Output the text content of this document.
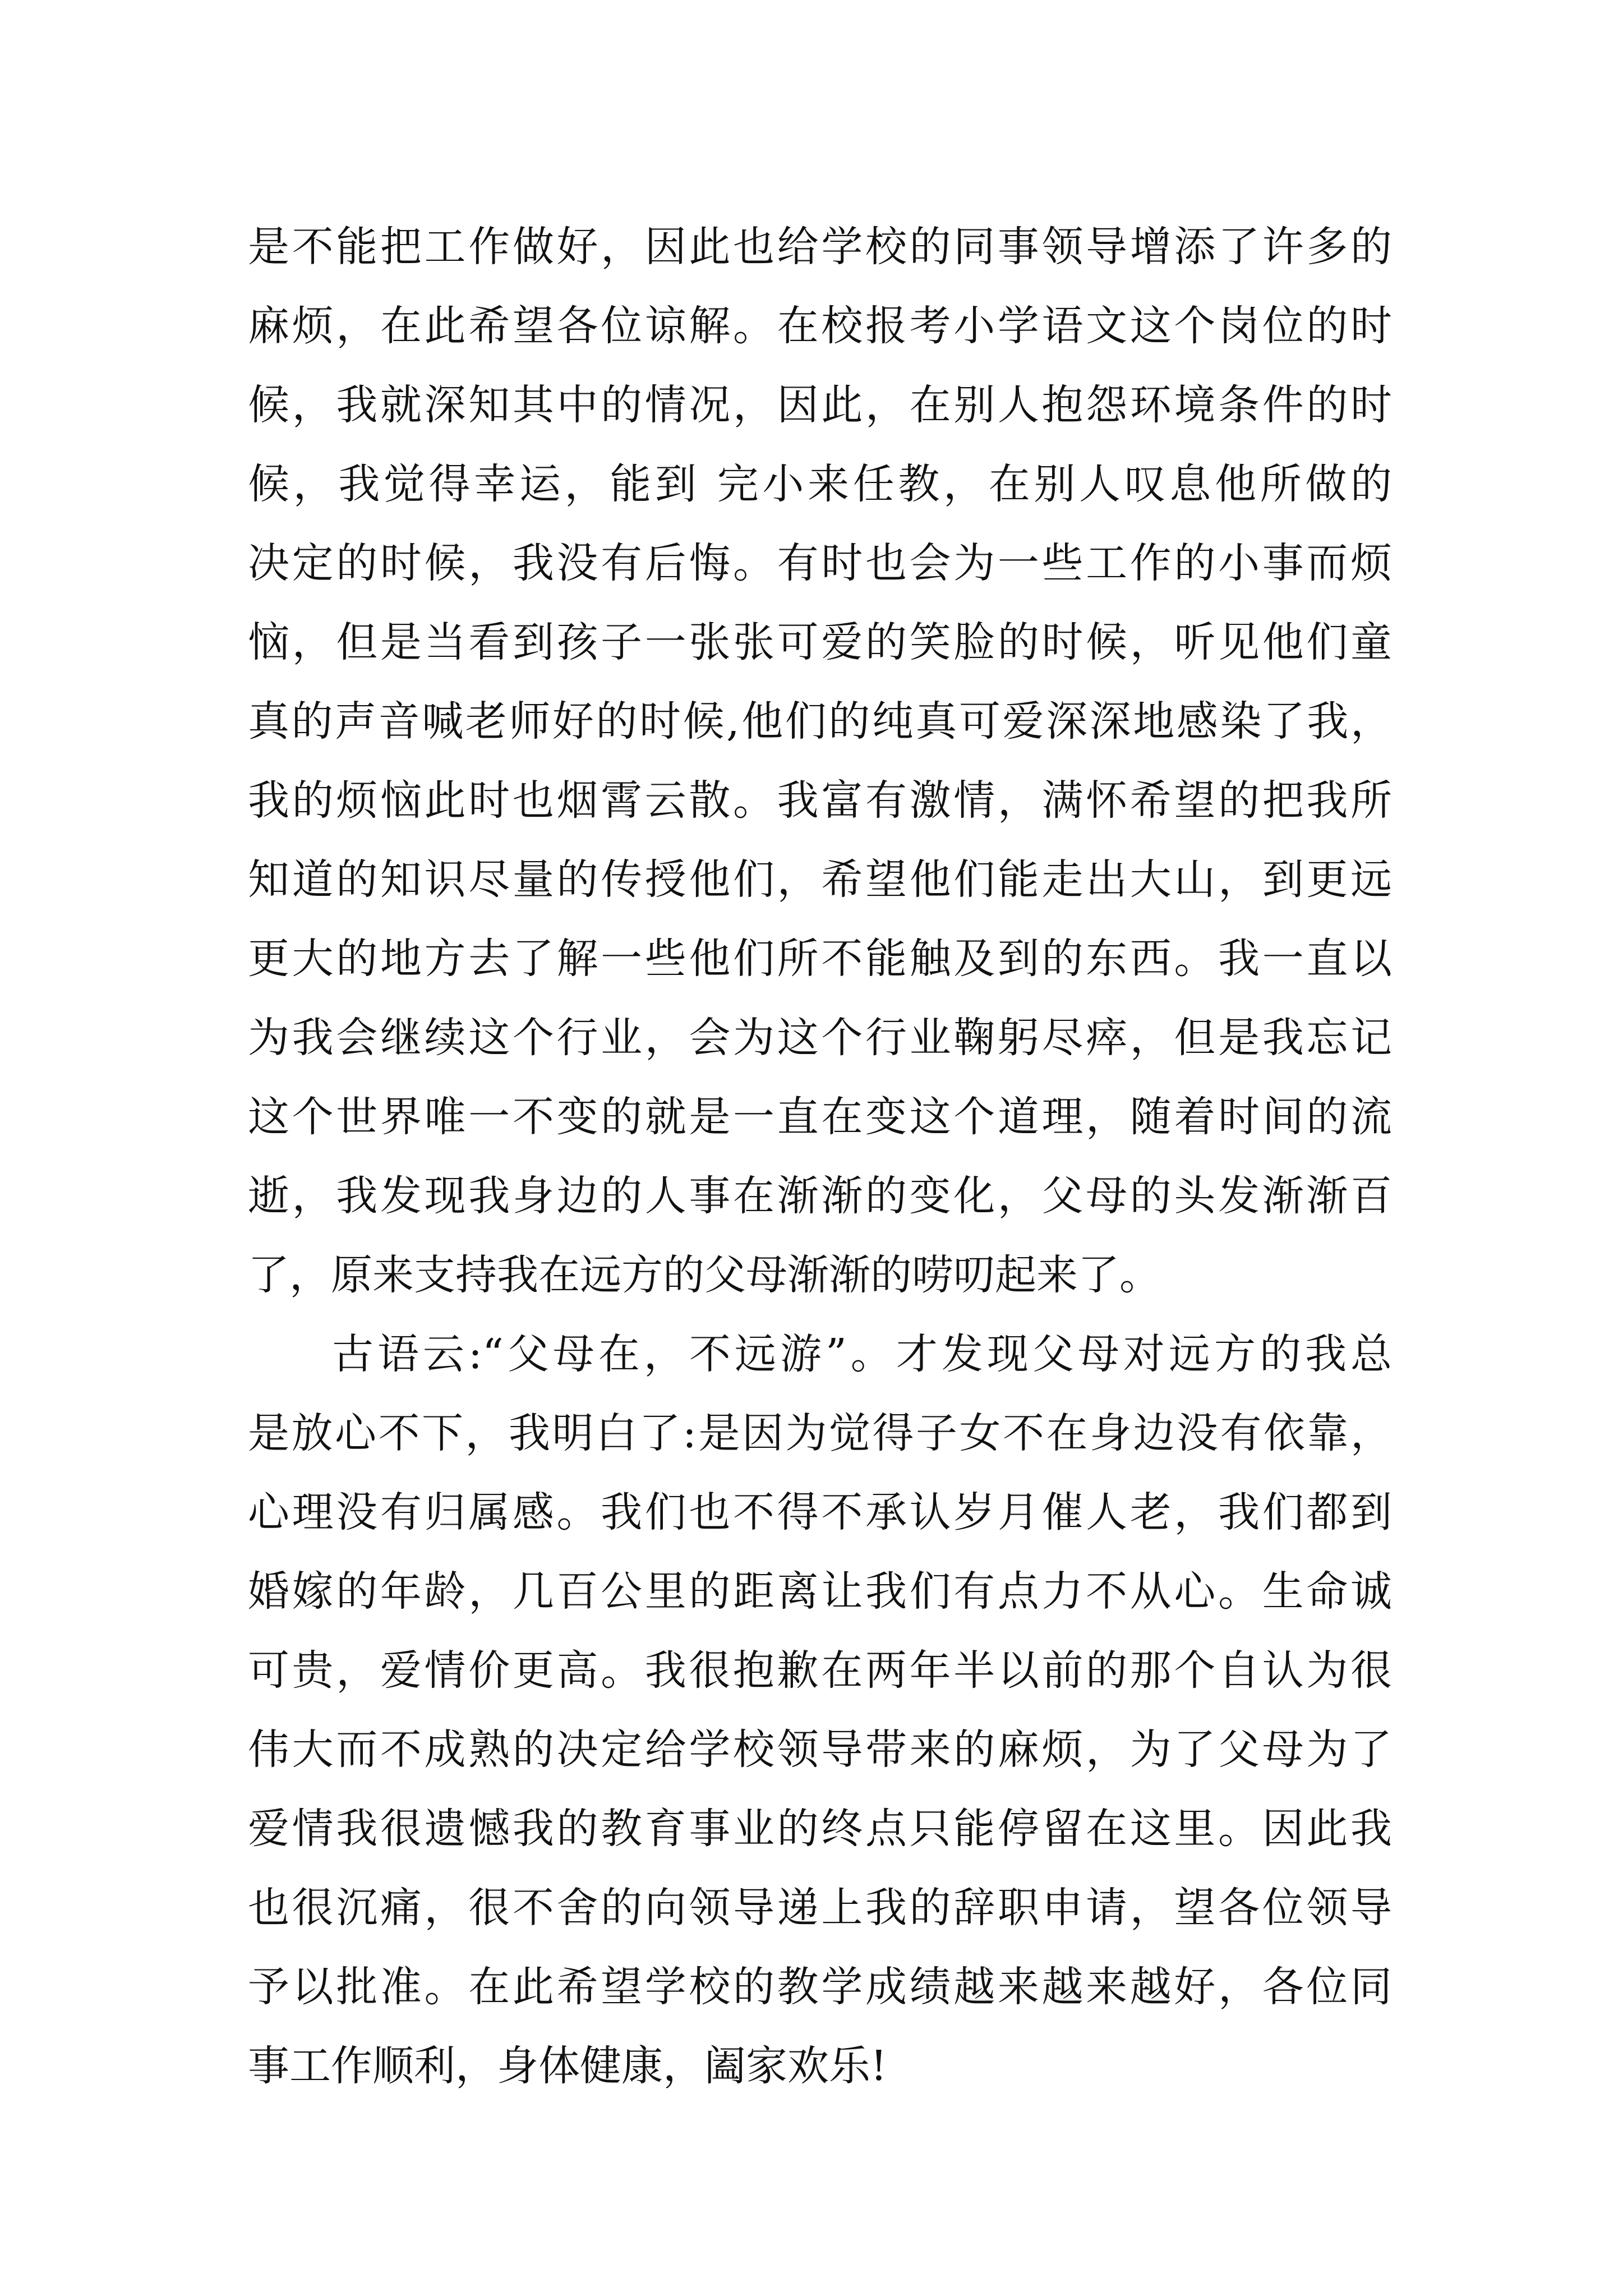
是不能把工作做好，因此也给学校的同事领导增添了许多的
麻烦，在此希望各位谅解。在校报考小学语文这个岗位的时
候，我就深知其中的情况，因此，在别人抱怨环境条件的时
候，我觉得幸运，能到 完小来任教，在别人叹息他所做的
决定的时候，我没有后悔。有时也会为一些工作的小事而烦
恼，但是当看到孩子一张张可爱的笑脸的时候，听见他们童
真的声音喊老师好的时候,他们的纯真可爱深深地感染了我，
我的烦恼此时也烟霄云散。我富有激情，满怀希望的把我所
知道的知识尽量的传授他们，希望他们能走出大山，到更远
更大的地方去了解一些他们所不能触及到的东西。我一直以
为我会继续这个行业，会为这个行业鞠躬尽瘁，但是我忘记
这个世界唯一不变的就是一直在变这个道理，随着时间的流
逝，我发现我身边的人事在渐渐的变化，父母的头发渐渐百
了，原来支持我在远方的父母渐渐的唠叨起来了。
古语云:“父母在，不远游”。才发现父母对远方的我总
是放心不下，我明白了:是因为觉得子女不在身边没有依靠，
心理没有归属感。我们也不得不承认岁月催人老，我们都到
婚嫁的年龄，几百公里的距离让我们有点力不从心。生命诚
可贵，爱情价更高。我很抱歉在两年半以前的那个自认为很
伟大而不成熟的决定给学校领导带来的麻烦，为了父母为了
爱情我很遗憾我的教育事业的终点只能停留在这里。因此我
也很沉痛，很不舍的向领导递上我的辞职申请，望各位领导
予以批准。在此希望学校的教学成绩越来越来越好，各位同
事工作顺利，身体健康，阖家欢乐!
